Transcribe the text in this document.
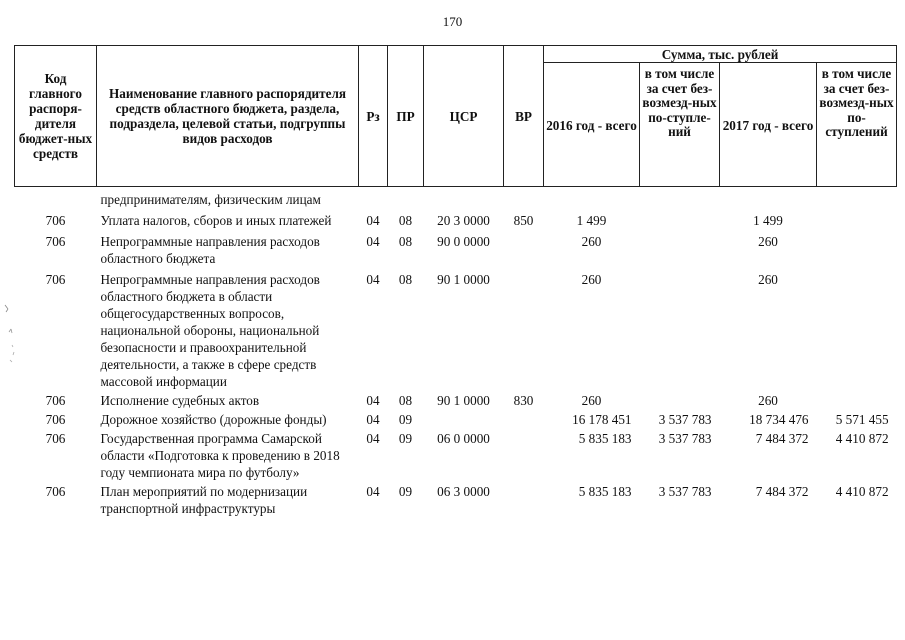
170
Код главного распоря-дителя бюджет-ных средств	Наименование главного распорядителя средств областного бюджета, раздела, подраздела, целевой статьи, подгруппы видов расходов	Рз	ПР	ЦСР	ВР	Сумма, тыс. рублей			
						2016 год - всего	в том числе за счет без-возмезд-ных по-ступле-ний	2017 год - всего	в том числе за счет без-возмезд-ных по-ступлений
	предпринимателям, физическим лицам								
706	Уплата налогов, сборов и иных платежей	04	08	20 3 0000	850	1 499		1 499	
706	Непрограммные направления расходов областного бюджета	04	08	90 0 0000		260		260	
706	Непрограммные направления расходов областного бюджета в области общегосударственных вопросов, национальной обороны, национальной безопасности и правоохранительной деятельности, а также в сфере средств массовой информации	04	08	90 1 0000		260		260	
706	Исполнение судебных актов	04	08	90 1 0000	830	260		260	
706	Дорожное хозяйство (дорожные фонды)	04	09			16 178 451	3 537 783	18 734 476	5 571 455
706	Государственная программа Самарской области «Подготовка к проведению в 2018 году чемпионата мира по футболу»	04	09	06 0 0000		5 835 183	3 537 783	7 484 372	4 410 872
706	План мероприятий по модернизации транспортной инфраструктуры	04	09	06 3 0000		5 835 183	3 537 783	7 484 372	4 410 872
